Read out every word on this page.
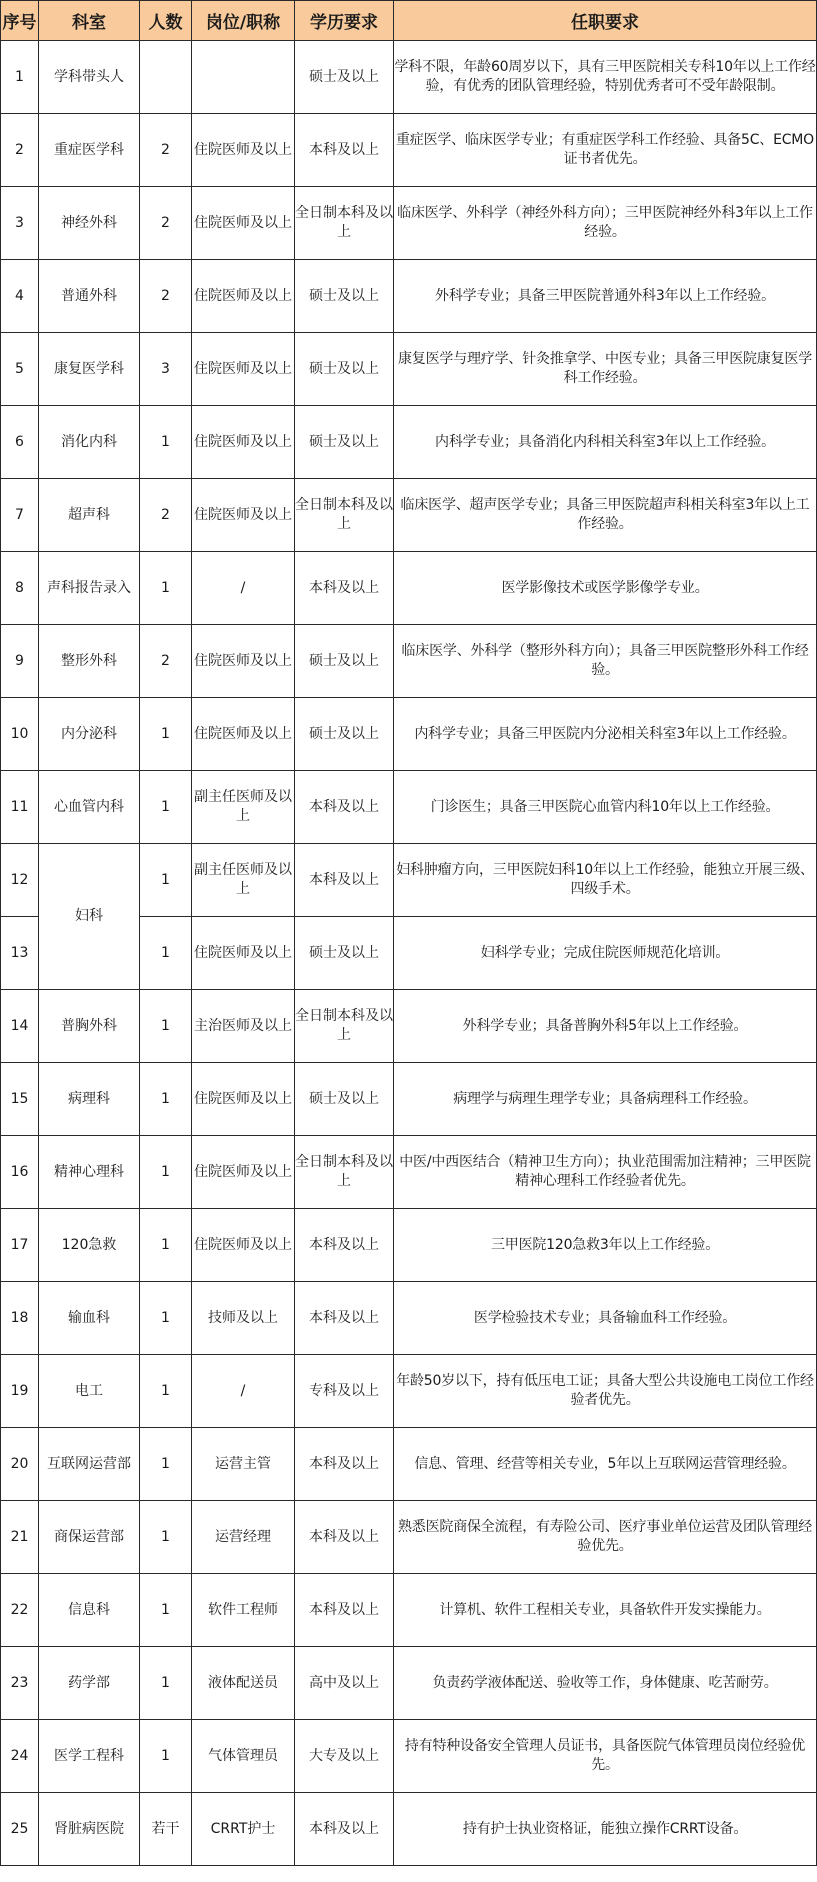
序号	科室	人数	岗位/职称	学历要求	任职要求
1	学科带头人			硕士及以上	学科不限，年龄60周岁以下，具有三甲医院相关专科10年以上工作经验，有优秀的团队管理经验，特别优秀者可不受年龄限制。
2	重症医学科	2	住院医师及以上	本科及以上	重症医学、临床医学专业；有重症医学科工作经验、具备5C、ECMO证书者优先。
3	神经外科	2	住院医师及以上	全日制本科及以上	临床医学、外科学（神经外科方向）；三甲医院神经外科3年以上工作经验。
4	普通外科	2	住院医师及以上	硕士及以上	外科学专业；具备三甲医院普通外科3年以上工作经验。
5	康复医学科	3	住院医师及以上	硕士及以上	康复医学与理疗学、针灸推拿学、中医专业；具备三甲医院康复医学科工作经验。
6	消化内科	1	住院医师及以上	硕士及以上	内科学专业；具备消化内科相关科室3年以上工作经验。
7	超声科	2	住院医师及以上	全日制本科及以上	临床医学、超声医学专业；具备三甲医院超声科相关科室3年以上工作经验。
8	声科报告录入	1	/	本科及以上	医学影像技术或医学影像学专业。
9	整形外科	2	住院医师及以上	硕士及以上	临床医学、外科学（整形外科方向）；具备三甲医院整形外科工作经验。
10	内分泌科	1	住院医师及以上	硕士及以上	内科学专业；具备三甲医院内分泌相关科室3年以上工作经验。
11	心血管内科	1	副主任医师及以上	本科及以上	门诊医生；具备三甲医院心血管内科10年以上工作经验。
12	妇科	1	副主任医师及以上	本科及以上	妇科肿瘤方向，三甲医院妇科10年以上工作经验，能独立开展三级、四级手术。
13		1	住院医师及以上	硕士及以上	妇科学专业；完成住院医师规范化培训。
14	普胸外科	1	主治医师及以上	全日制本科及以上	外科学专业；具备普胸外科5年以上工作经验。
15	病理科	1	住院医师及以上	硕士及以上	病理学与病理生理学专业；具备病理科工作经验。
16	精神心理科	1	住院医师及以上	全日制本科及以上	中医/中西医结合（精神卫生方向）；执业范围需加注精神；三甲医院精神心理科工作经验者优先。
17	120急救	1	住院医师及以上	本科及以上	三甲医院120急救3年以上工作经验。
18	输血科	1	技师及以上	本科及以上	医学检验技术专业；具备输血科工作经验。
19	电工	1	/	专科及以上	年龄50岁以下，持有低压电工证；具备大型公共设施电工岗位工作经验者优先。
20	互联网运营部	1	运营主管	本科及以上	信息、管理、经营等相关专业，5年以上互联网运营管理经验。
21	商保运营部	1	运营经理	本科及以上	熟悉医院商保全流程，有寿险公司、医疗事业单位运营及团队管理经验优先。
22	信息科	1	软件工程师	本科及以上	计算机、软件工程相关专业，具备软件开发实操能力。
23	药学部	1	液体配送员	高中及以上	负责药学液体配送、验收等工作，身体健康、吃苦耐劳。
24	医学工程科	1	气体管理员	大专及以上	持有特种设备安全管理人员证书，具备医院气体管理员岗位经验优先。
25	肾脏病医院	若干	CRRT护士	本科及以上	持有护士执业资格证，能独立操作CRRT设备。
